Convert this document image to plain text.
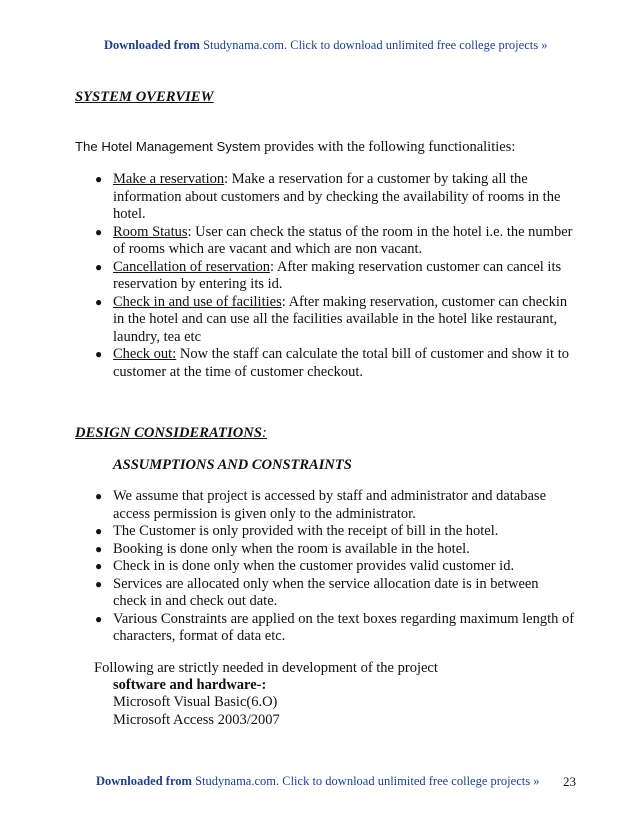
Downloaded from Studynama.com. Click to download unlimited free college projects »
SYSTEM OVERVIEW
The Hotel Management System provides with the following functionalities:
● Make a reservation: Make a reservation for a customer by taking all the information about customers and by checking the availability of rooms in the hotel.
● Room Status: User can check the status of the room in the hotel i.e. the number of rooms which are vacant and which are non vacant.
● Cancellation of reservation: After making reservation customer can cancel its reservation by entering its id.
● Check in and use of facilities: After making reservation, customer can checkin in the hotel and can use all the facilities available in the hotel like restaurant, laundry, tea etc
● Check out: Now the staff can calculate the total bill of customer and show it to customer at the time of customer checkout.
DESIGN CONSIDERATIONS:
ASSUMPTIONS AND CONSTRAINTS
● We assume that project is accessed by staff and administrator and database access permission is given only to the administrator.
● The Customer is only provided with the receipt of bill in the hotel.
● Booking is done only when the room is available in the hotel.
● Check in is done only when the customer provides valid customer id.
● Services are allocated only when the service allocation date is in between check in and check out date.
● Various Constraints are applied on the text boxes regarding maximum length of characters, format of data etc.
Following are strictly needed in development of the project
software and hardware-:
Microsoft Visual Basic(6.O)
Microsoft Access 2003/2007
Downloaded from Studynama.com. Click to download unlimited free college projects » 23
